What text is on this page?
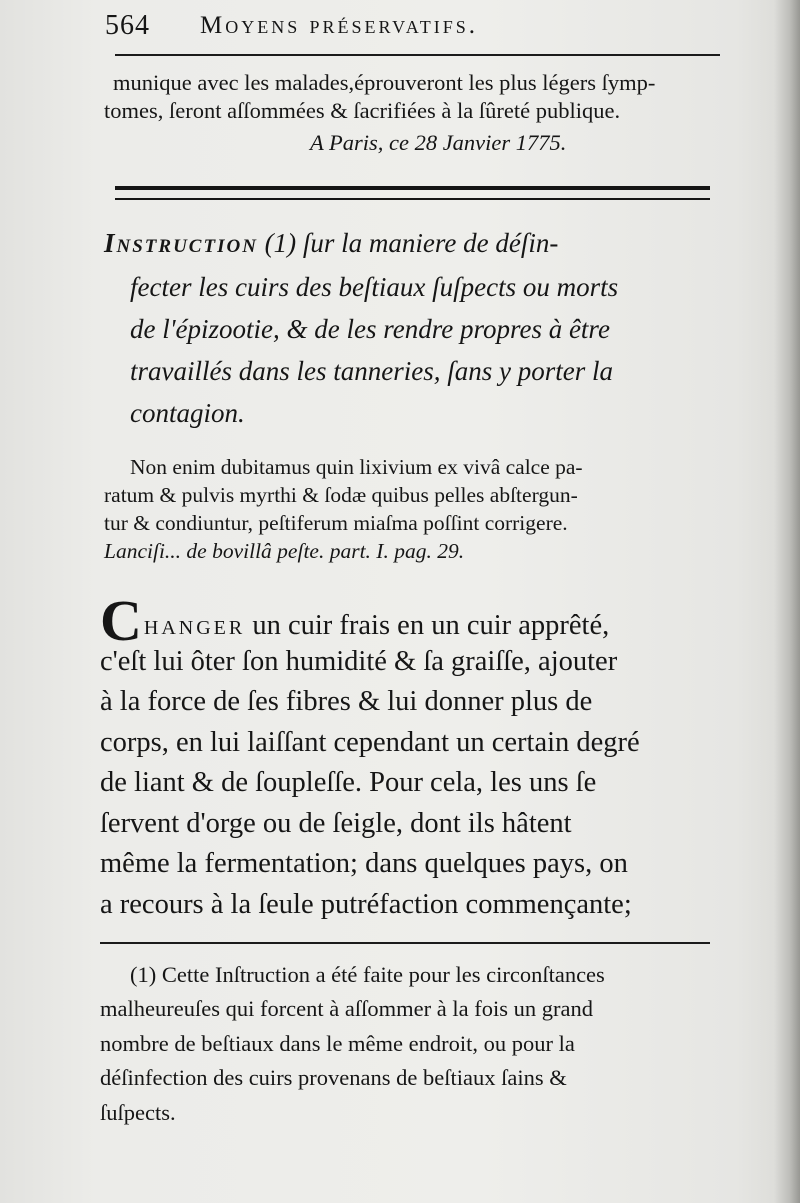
564 Moyens préservatifs.
munique avec les malades,éprouveront les plus légers ſymp-
tomes, ſeront aſſommées & ſacrifiées à la ſûreté publique.
A Paris, ce 28 Janvier 1775.
Instruction (1) ſur la maniere de déſin-
fecter les cuirs des beſtiaux ſuſpects ou morts
de l'épizootie, & de les rendre propres à être
travaillés dans les tanneries, ſans y porter la
contagion.
Non enim dubitamus quin lixivium ex vivâ calce pa-
ratum & pulvis myrthi & ſodæ quibus pelles abſtergun-
tur & condiuntur, peſtiferum miaſma poſſint corrigere.
Lanciſi... de bovillâ peſte. part. I. pag. 29.
Changer un cuir frais en un cuir apprêté,
c'eſt lui ôter ſon humidité & ſa graiſſe, ajouter
à la force de ſes fibres & lui donner plus de
corps, en lui laiſſant cependant un certain degré
de liant & de ſoupleſſe. Pour cela, les uns ſe
ſervent d'orge ou de ſeigle, dont ils hâtent
même la fermentation; dans quelques pays, on
a recours à la ſeule putréfaction commençante;
(1) Cette Inſtruction a été faite pour les circonſtances
malheureuſes qui forcent à aſſommer à la fois un grand
nombre de beſtiaux dans le même endroit, ou pour la
déſinfection des cuirs provenans de beſtiaux ſains &
ſuſpects.
